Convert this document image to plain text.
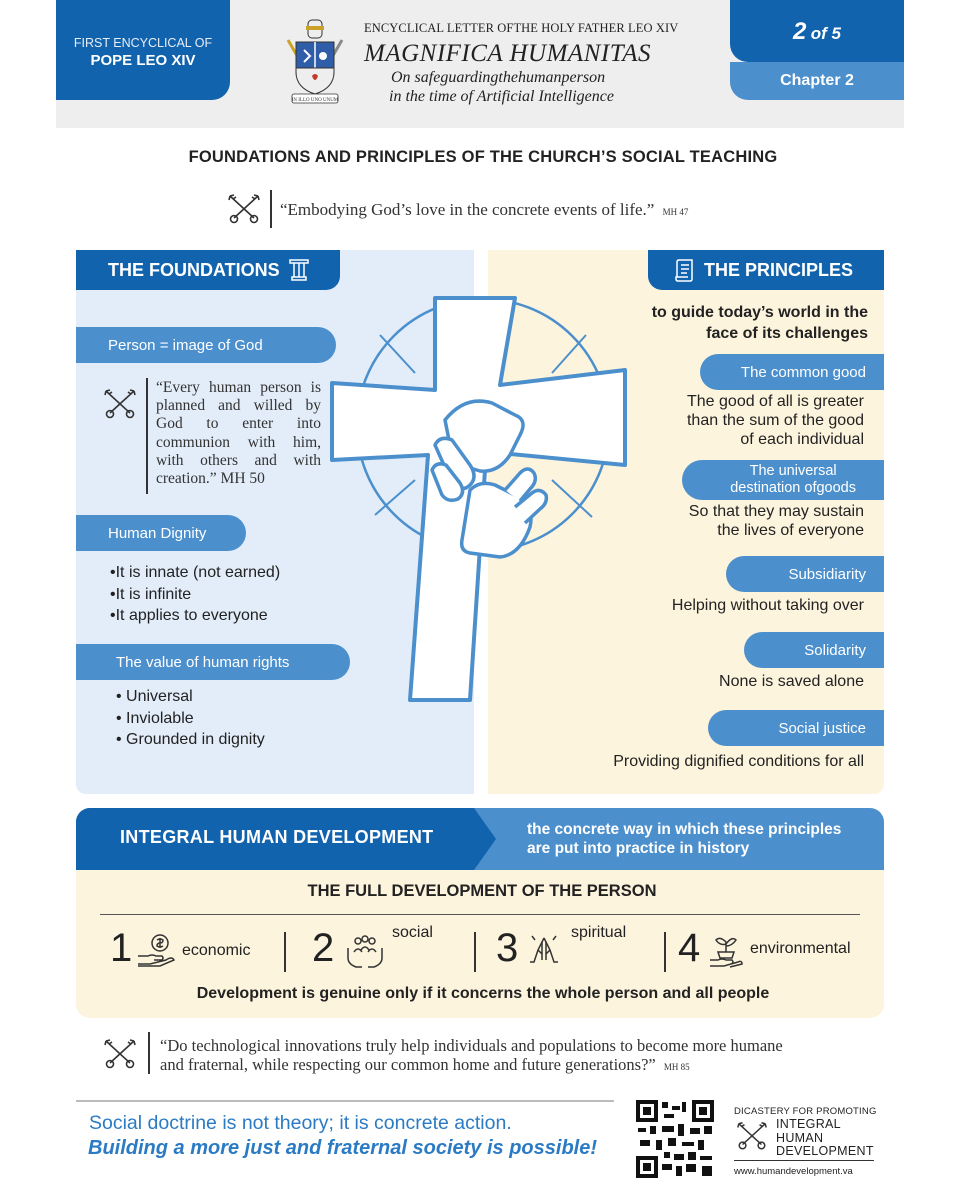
FIRST ENCYCLICAL OF
POPE LEO XIV
IN ILLO UNO UNUM
ENCYCLICAL LETTER OFTHE HOLY FATHER LEO XIV
MAGNIFICA HUMANITAS
On safeguardingthehumanperson
in the time of Artificial Intelligence
2 of 5
Chapter 2
FOUNDATIONS AND PRINCIPLES OF THE CHURCH’S SOCIAL TEACHING
“Embodying God’s love in the concrete events of life.” MH 47
THE FOUNDATIONS	THE PRINCIPLES
Person = image of God
“Every human person is
planned and willed by
God to enter into
communion with him,
with others and with
creation.” MH 50
Human Dignity
•It is innate (not earned)
•It is infinite
•It applies to everyone
The value of human rights
• Universal
• Inviolable
• Grounded in dignity
to guide today’s world in the
face of its challenges
The common good
The good of all is greater
than the sum of the good
of each individual
The universal
destination ofgoods
So that they may sustain
the lives of everyone
Subsidiarity
Helping without taking over
Solidarity
None is saved alone
Social justice
Providing dignified conditions for all
INTEGRAL HUMAN DEVELOPMENT	the concrete way in which these principles
are put into practice in history
THE FULL DEVELOPMENT OF THE PERSON
1	economic 2	social 3	spiritual 4	environmental
Development is genuine only if it concerns the whole person and all people
“Do technological innovations truly help individuals and populations to become more humane
and fraternal, while respecting our common home and future generations?” MH 85
Social doctrine is not theory; it is concrete action.
Building a more just and fraternal society is possible!
DICASTERY FOR PROMOTING
INTEGRAL
HUMAN
DEVELOPMENT
www.humandevelopment.va
